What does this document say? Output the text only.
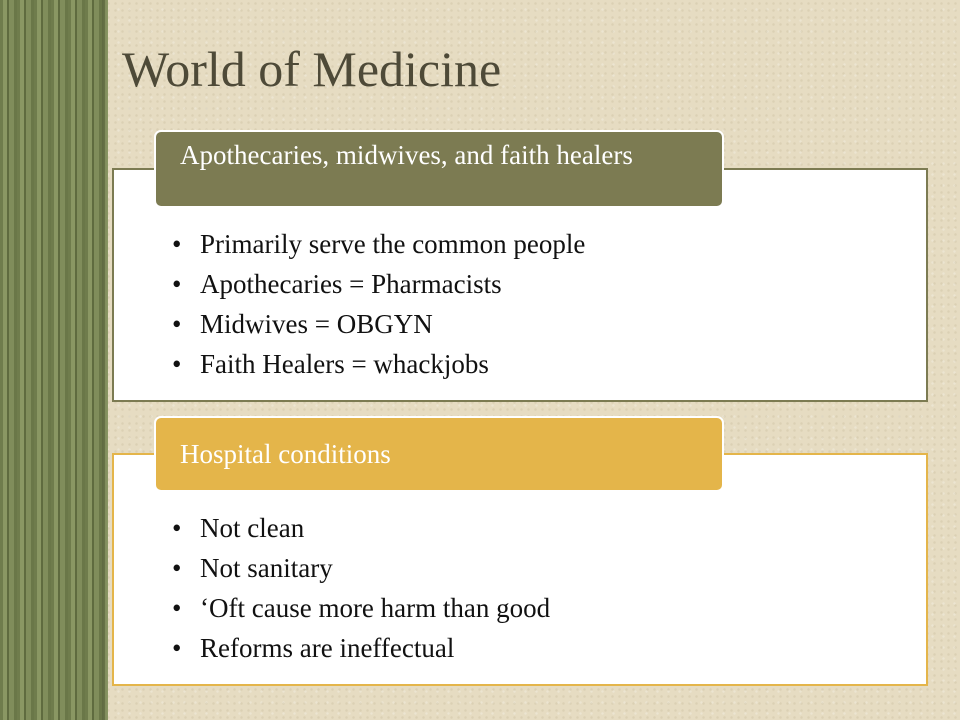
World of Medicine
Apothecaries, midwives, and faith healers
• Primarily serve the common people
• Apothecaries = Pharmacists
• Midwives = OBGYN
• Faith Healers = whackjobs
Hospital conditions
• Not clean
• Not sanitary
• ‘Oft cause more harm than good
• Reforms are ineffectual
